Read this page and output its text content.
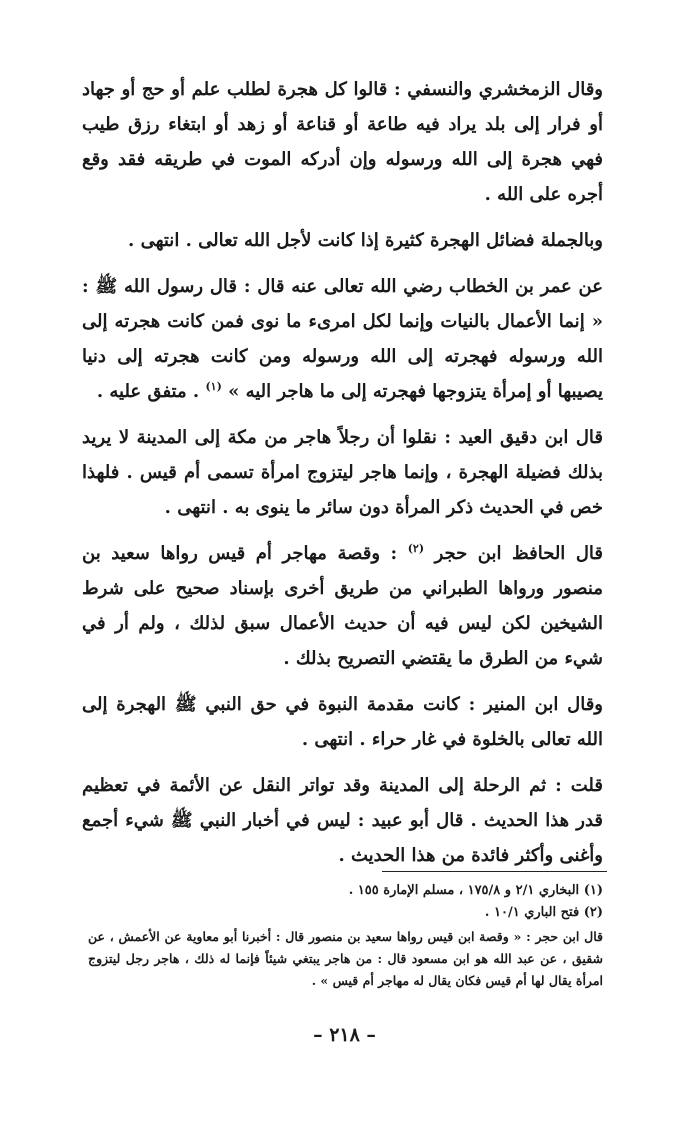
وقال الزمخشري والنسفي : قالوا كل هجرة لطلب علم أو حج أو جهاد أو فرار إلى بلد يراد فيه طاعة أو قناعة أو زهد أو ابتغاء رزق طيب فهي هجرة إلى الله ورسوله وإن أدركه الموت في طريقه فقد وقع أجره على الله .

وبالجملة فضائل الهجرة كثيرة إذا كانت لأجل الله تعالى . انتهى .

عن عمر بن الخطاب رضي الله تعالى عنه قال : قال رسول الله ﷺ : « إنما الأعمال بالنيات وإنما لكل امرىء ما نوى فمن كانت هجرته إلى الله ورسوله فهجرته إلى الله ورسوله ومن كانت هجرته إلى دنيا يصيبها أو إمرأة يتزوجها فهجرته إلى ما هاجر اليه » $^{(١)}$ . متفق عليه .

قال ابن دقيق العيد : نقلوا أن رجلاً هاجر من مكة إلى المدينة لا يريد بذلك فضيلة الهجرة ، وإنما هاجر ليتزوج امرأة تسمى أم قيس . فلهذا خص في الحديث ذكر المرأة دون سائر ما ينوى به . انتهى .

قال الحافظ ابن حجر $^{(٢)}$ : وقصة مهاجر أم قيس رواها سعيد بن منصور ورواها الطبراني من طريق أخرى بإسناد صحيح على شرط الشيخين لكن ليس فيه أن حديث الأعمال سبق لذلك ، ولم أر في شيء من الطرق ما يقتضي التصريح بذلك .

وقال ابن المنير : كانت مقدمة النبوة في حق النبي ﷺ الهجرة إلى الله تعالى بالخلوة في غار حراء . انتهى .

قلت : ثم الرحلة إلى المدينة وقد تواتر النقل عن الأئمة في تعظيم قدر هذا الحديث . قال أبو عبيد : ليس في أخبار النبي ﷺ شيء أجمع وأغنى وأكثر فائدة من هذا الحديث .

(١) البخاري ٢/١ و ١٧٥/٨ ، مسلم الإمارة ١٥٥ .

(٢) فتح الباري ١٠/١ .

قال ابن حجر : « وقصة ابن قيس رواها سعيد بن منصور قال : أخبرنا أبو معاوية عن الأعمش ، عن شقيق ، عن عبد الله هو ابن مسعود قال : من هاجر يبتغي شيئاً فإنما له ذلك ، هاجر رجل ليتزوج امرأة يقال لها أم قيس فكان يقال له مهاجر أم قيس » .

– ٢١٨ –
